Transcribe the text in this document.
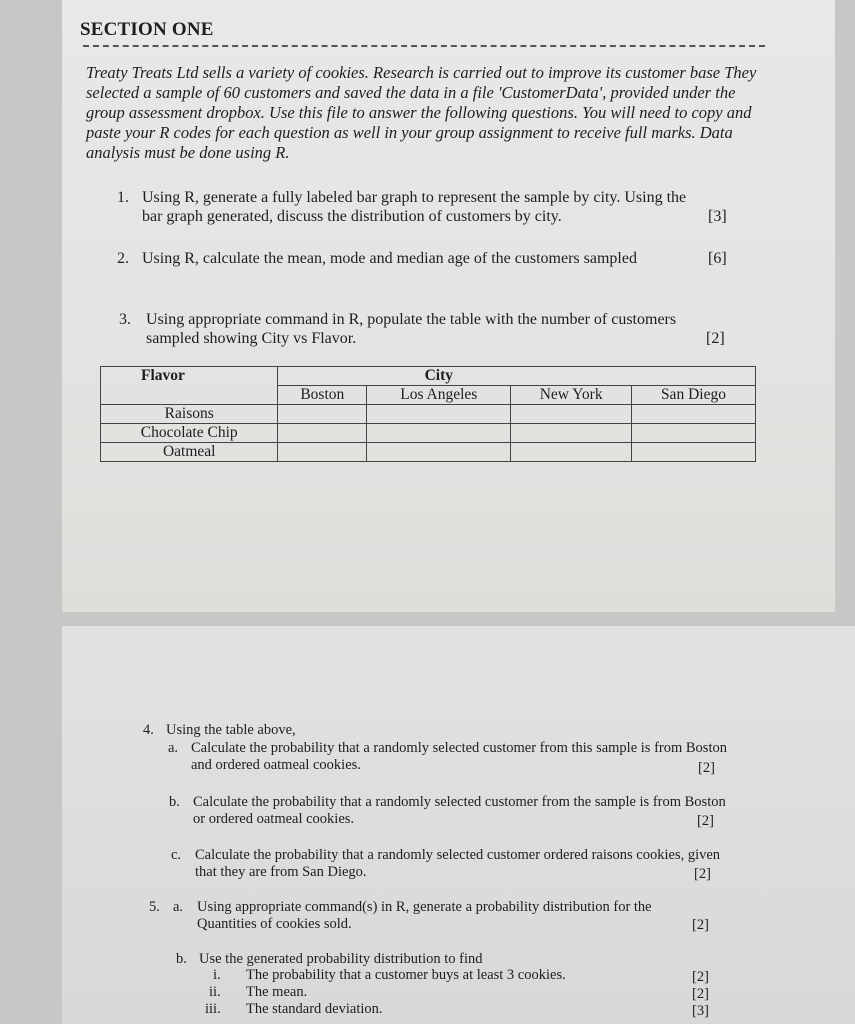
SECTION ONE
Treaty Treats Ltd sells a variety of cookies. Research is carried out to improve its customer base They selected a sample of 60 customers and saved the data in a file 'CustomerData', provided under the group assessment dropbox. Use this file to answer the following questions. You will need to copy and paste your R codes for each question as well in your group assignment to receive full marks. Data analysis must be done using R.
1. Using R, generate a fully labeled bar graph to represent the sample by city. Using the bar graph generated, discuss the distribution of customers by city.	[3]
2. Using R, calculate the mean, mode and median age of the customers sampled	[6]
3. Using appropriate command in R, populate the table with the number of customers sampled showing City vs Flavor.	[2]
Flavor		City		
	Boston	Los Angeles	New York	San Diego
Raisons				
Chocolate Chip				
Oatmeal				
4. Using the table above,
a. Calculate the probability that a randomly selected customer from this sample is from Boston and ordered oatmeal cookies.	[2]
b. Calculate the probability that a randomly selected customer from the sample is from Boston or ordered oatmeal cookies.	[2]
c. Calculate the probability that a randomly selected customer ordered raisons cookies, given that they are from San Diego.	[2]
5. a. Using appropriate command(s) in R, generate a probability distribution for the Quantities of cookies sold.	[2]
b. Use the generated probability distribution to find
i. The probability that a customer buys at least 3 cookies.	[2]
ii. The mean.	[2]
iii. The standard deviation.	[3]
